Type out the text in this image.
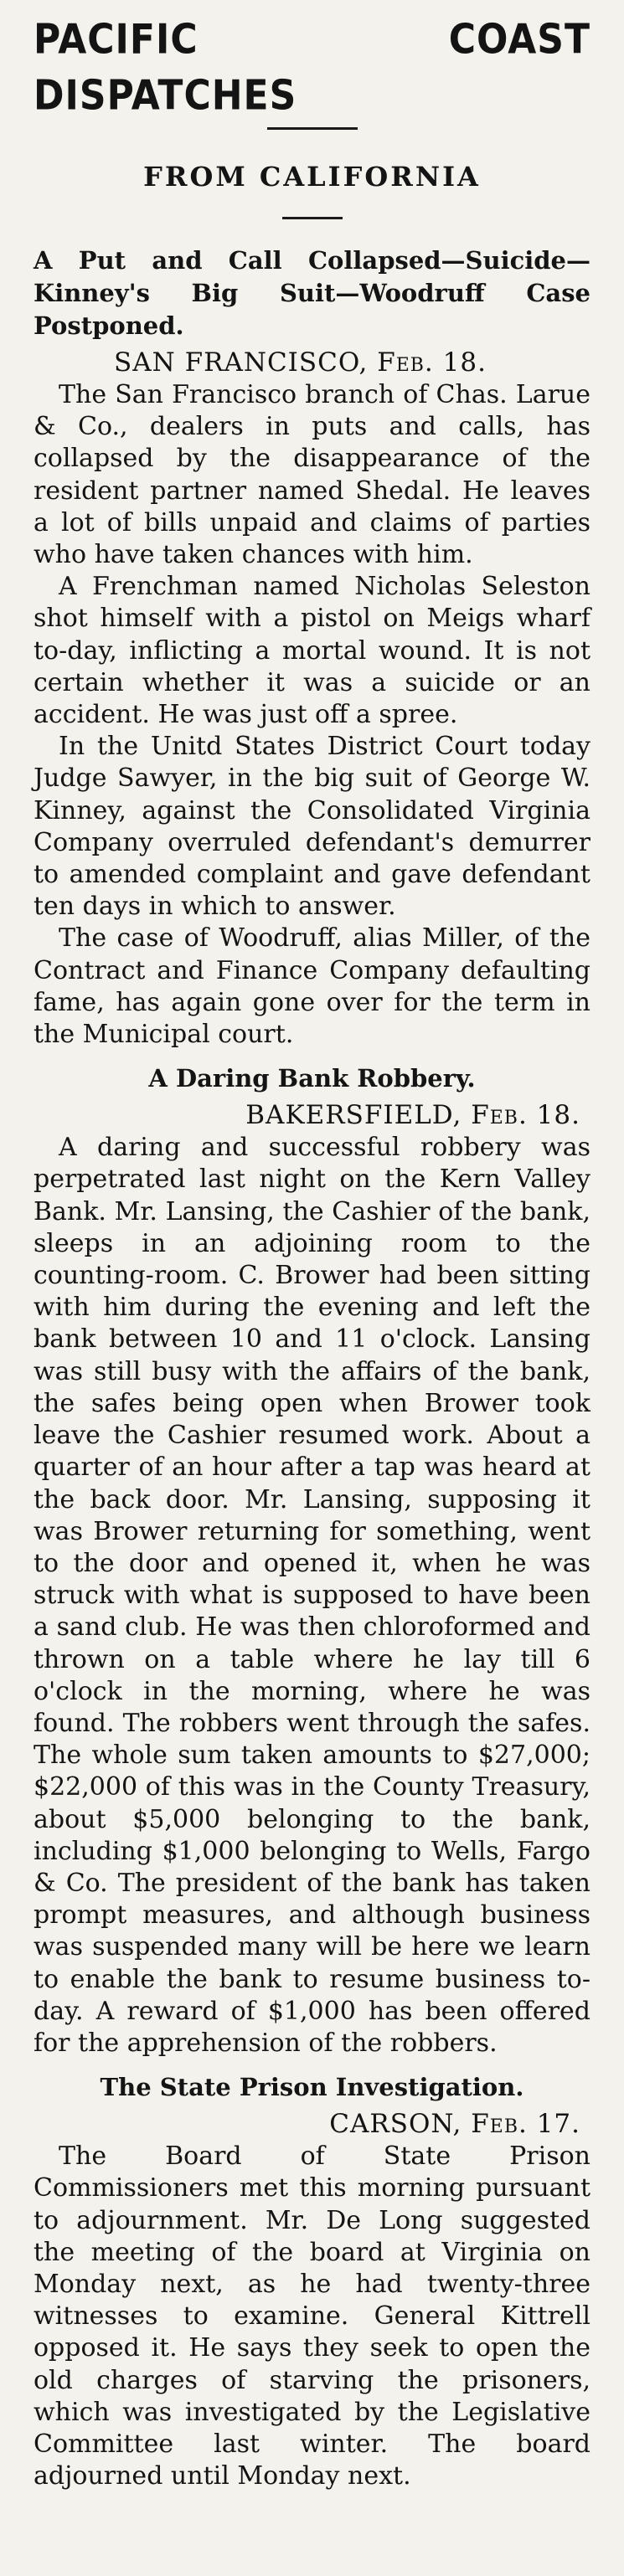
PACIFIC COAST DISPATCHES
FROM CALIFORNIA
A Put and Call Collapsed—Suicide—Kinney's Big Suit—Woodruff Case Postponed.

SAN FRANCISCO, Feb. 18.

The San Francisco branch of Chas. Larue & Co., dealers in puts and calls, has collapsed by the disappearance of the resident partner named Shedal. He leaves a lot of bills unpaid and claims of parties who have taken chances with him.

A Frenchman named Nicholas Seleston shot himself with a pistol on Meigs wharf to-day, inflicting a mortal wound. It is not certain whether it was a suicide or an accident. He was just off a spree.

In the Unitd States District Court today Judge Sawyer, in the big suit of George W. Kinney, against the Consolidated Virginia Company overruled defendant's demurrer to amended complaint and gave defendant ten days in which to answer.

The case of Woodruff, alias Miller, of the Contract and Finance Company defaulting fame, has again gone over for the term in the Municipal court.

A Daring Bank Robbery.

BAKERSFIELD, Feb. 18.

A daring and successful robbery was perpetrated last night on the Kern Valley Bank. Mr. Lansing, the Cashier of the bank, sleeps in an adjoining room to the counting-room. C. Brower had been sitting with him during the evening and left the bank between 10 and 11 o'clock. Lansing was still busy with the affairs of the bank, the safes being open when Brower took leave the Cashier resumed work. About a quarter of an hour after a tap was heard at the back door. Mr. Lansing, supposing it was Brower returning for something, went to the door and opened it, when he was struck with what is supposed to have been a sand club. He was then chloroformed and thrown on a table where he lay till 6 o'clock in the morning, where he was found. The robbers went through the safes. The whole sum taken amounts to $27,000; $22,000 of this was in the County Treasury, about $5,000 belonging to the bank, including $1,000 belonging to Wells, Fargo & Co. The president of the bank has taken prompt measures, and although business was suspended many will be here we learn to enable the bank to resume business to-day. A reward of $1,000 has been offered for the apprehension of the robbers.

The State Prison Investigation.

CARSON, Feb. 17.

The Board of State Prison Commissioners met this morning pursuant to adjournment. Mr. De Long suggested the meeting of the board at Virginia on Monday next, as he had twenty-three witnesses to examine. General Kittrell opposed it. He says they seek to open the old charges of starving the prisoners, which was investigated by the Legislative Committee last winter. The board adjourned until Monday next.
